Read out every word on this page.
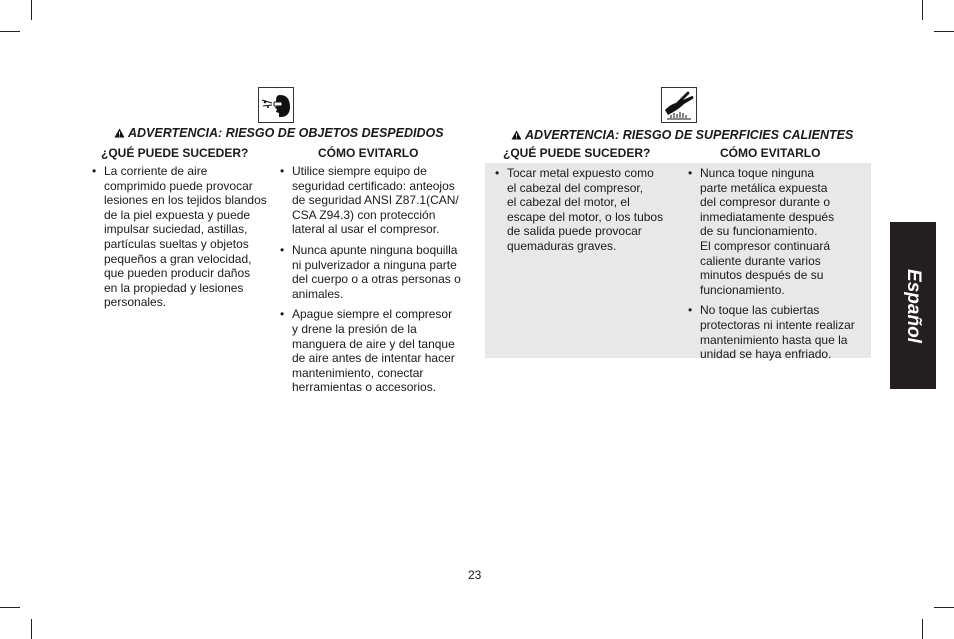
ADVERTENCIA: RIESGO DE OBJETOS DESPEDIDOS
¿QUÉ PUEDE SUCEDER?	CÓMO EVITARLO
• La corriente de aire
comprimido puede provocar
lesiones en los tejidos blandos
de la piel expuesta y puede
impulsar suciedad, astillas,
partículas sueltas y objetos
pequeños a gran velocidad,
que pueden producir daños
en la propiedad y lesiones
personales.
• Utilice siempre equipo de
seguridad certificado: anteojos
de seguridad ANSI Z87.1(CAN/
CSA Z94.3) con protección
lateral al usar el compresor.
• Nunca apunte ninguna boquilla
ni pulverizador a ninguna parte
del cuerpo o a otras personas o
animales.
• Apague siempre el compresor
y drene la presión de la
manguera de aire y del tanque
de aire antes de intentar hacer
mantenimiento, conectar
herramientas o accesorios.
ADVERTENCIA: RIESGO DE SUPERFICIES CALIENTES
¿QUÉ PUEDE SUCEDER?	CÓMO EVITARLO
• Tocar metal expuesto como
el cabezal del compresor,
el cabezal del motor, el
escape del motor, o los tubos
de salida puede provocar
quemaduras graves.
• Nunca toque ninguna
parte metálica expuesta
del compresor durante o
inmediatamente después
de su funcionamiento.
El compresor continuará
caliente durante varios
minutos después de su
funcionamiento.
• No toque las cubiertas
protectoras ni intente realizar
mantenimiento hasta que la
unidad se haya enfriado.
Español
23
